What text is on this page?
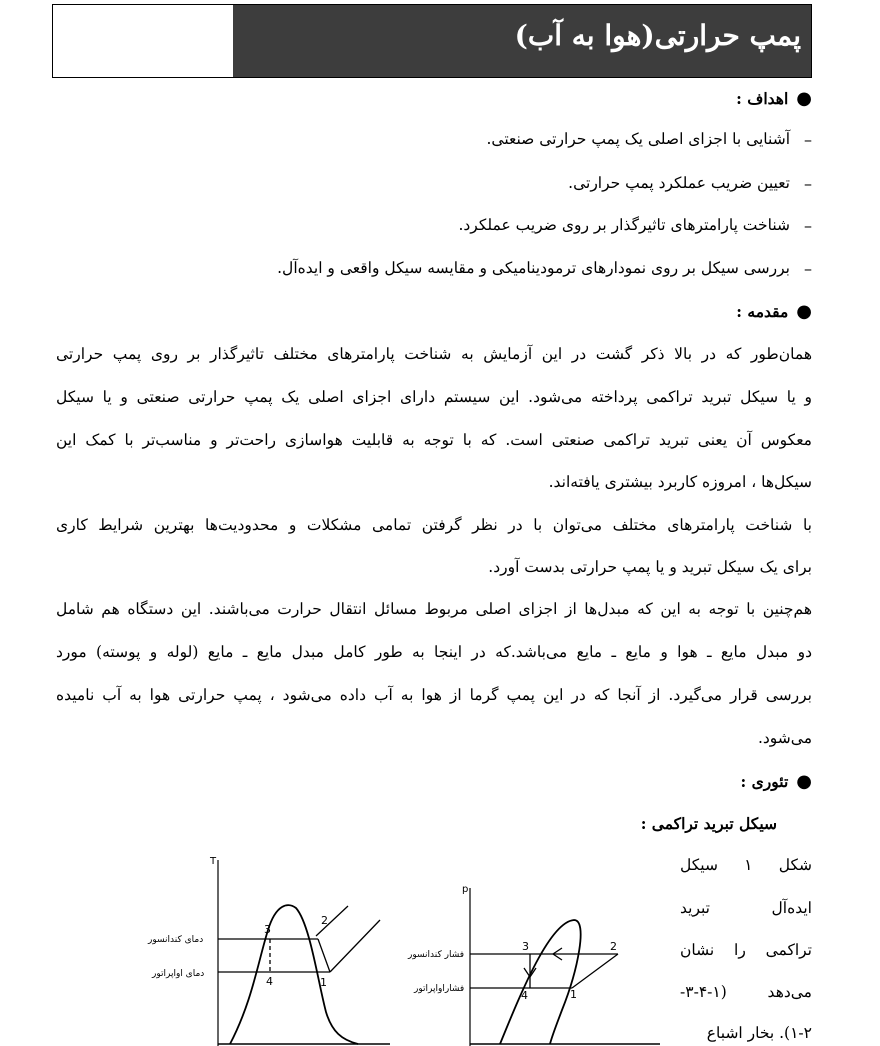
پمپ حرارتی(هوا به آب)
●اهداف :
–
آشنایی با اجزای اصلی یک پمپ حرارتی صنعتی.
–
تعیین ضریب عملکرد پمپ حرارتی.
–
شناخت پارامترهای تاثیرگذار بر روی ضریب عملکرد.
–
بررسی سیکل بر روی نمودارهای ترمودینامیکی و مقایسه سیکل واقعی و ایده‌آل.
●مقدمه :
همان‌طور که در بالا ذکر گشت در این آزمایش به شناخت پارامترهای مختلف تاثیرگذار بر روی پمپ حرارتی
و یا سیکل تبرید تراکمی پرداخته می‌شود. این سیستم دارای اجزای اصلی یک پمپ حرارتی صنعتی و یا سیکل
معکوس آن یعنی تبرید تراکمی صنعتی است. که با توجه به قابلیت هواسازی راحت‌تر و مناسب‌تر با کمک این
سیکل‌ها ، امروزه کاربرد بیشتری یافته‌اند.
با شناخت پارامترهای مختلف می‌توان با در نظر گرفتن تمامی مشکلات و محدودیت‌ها بهترین شرایط کاری
برای یک سیکل تبرید و یا پمپ حرارتی بدست آورد.
هم‌چنین با توجه به این که مبدل‌ها از اجزای اصلی مربوط مسائل انتقال حرارت می‌باشند. این دستگاه هم شامل
دو مبدل مایع ـ هوا و مایع ـ مایع می‌باشد.که در اینجا به طور کامل مبدل مایع ـ مایع (لوله و پوسته) مورد
بررسی قرار می‌گیرد. از آنجا که در این پمپ گرما از هوا به آب داده می‌شود ، پمپ حرارتی هوا به آب نامیده
می‌شود.
●تئوری :
سیکل تبرید تراکمی :
شکل ۱ سیکل
ایده‌آل تبرید
تراکمی را نشان
می‌دهد (۱-۴-۳-
۱-۲). بخار اشباع
T
دمای کندانسور
دمای اواپراتور
3
2
4	1
p
فشار کندانسور
فشاراواپراتور
3	2
4	1
